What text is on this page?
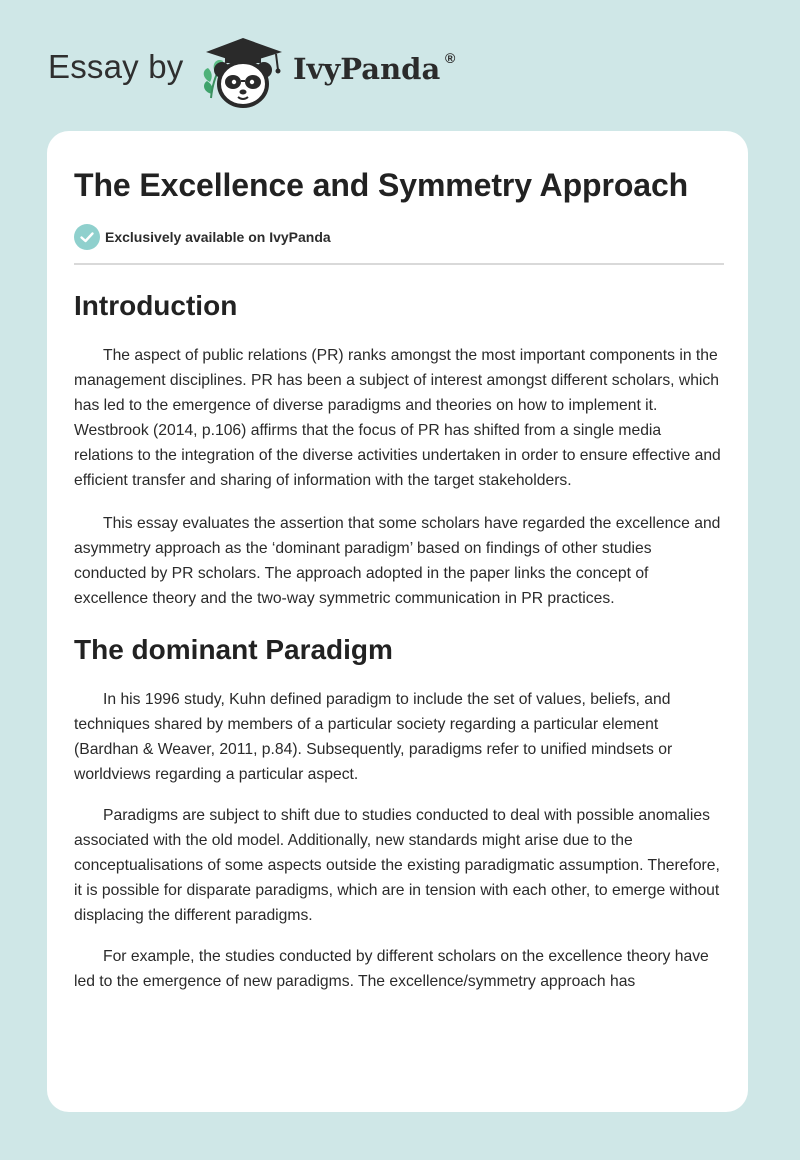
Essay by	IvyPanda ®
The Excellence and Symmetry Approach
Exclusively available on IvyPanda
Introduction

The aspect of public relations (PR) ranks amongst the most important components in the management disciplines. PR has been a subject of interest amongst different scholars, which has led to the emergence of diverse paradigms and theories on how to implement it. Westbrook (2014, p.106) affirms that the focus of PR has shifted from a single media relations to the integration of the diverse activities undertaken in order to ensure effective and efficient transfer and sharing of information with the target stakeholders.

This essay evaluates the assertion that some scholars have regarded the excellence and asymmetry approach as the ‘dominant paradigm’ based on findings of other studies conducted by PR scholars. The approach adopted in the paper links the concept of excellence theory and the two-way symmetric communication in PR practices.

The dominant Paradigm

In his 1996 study, Kuhn defined paradigm to include the set of values, beliefs, and techniques shared by members of a particular society regarding a particular element (Bardhan & Weaver, 2011, p.84). Subsequently, paradigms refer to unified mindsets or worldviews regarding a particular aspect.

Paradigms are subject to shift due to studies conducted to deal with possible anomalies associated with the old model. Additionally, new standards might arise due to the conceptualisations of some aspects outside the existing paradigmatic assumption. Therefore, it is possible for disparate paradigms, which are in tension with each other, to emerge without displacing the different paradigms.

For example, the studies conducted by different scholars on the excellence theory have led to the emergence of new paradigms. The excellence/symmetry approach has
